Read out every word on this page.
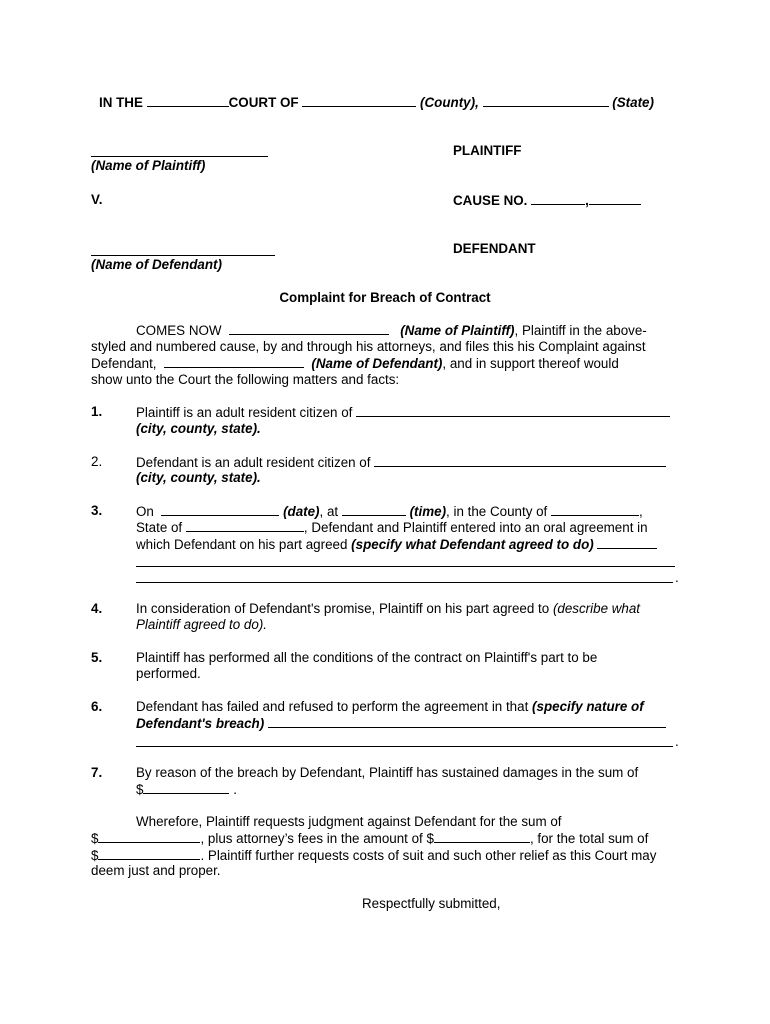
IN THE	COURT OF	(County),	(State)
(Name of Plaintiff)
PLAINTIFF
V.	CAUSE NO.	,
DEFENDANT
(Name of Defendant)
Complaint for Breach of Contract
COMES NOW	(Name of Plaintiff), Plaintiff in the above-
styled and numbered cause, by and through his attorneys, and files this his Complaint against
Defendant,	(Name of Defendant), and in support thereof would
show unto the Court the following matters and facts:
1.	Plaintiff is an adult resident citizen of
(city, county, state).
2.	Defendant is an adult resident citizen of
(city, county, state).
3.	On	(date), at	(time), in the County of	,
State of	, Defendant and Plaintiff entered into an oral agreement in
which Defendant on his part agreed (specify what Defendant agreed to do)
.
4.	In consideration of Defendant's promise, Plaintiff on his part agreed to (describe what
Plaintiff agreed to do).
5.	Plaintiff has performed all the conditions of the contract on Plaintiff's part to be
performed.
6.	Defendant has failed and refused to perform the agreement in that (specify nature of
Defendant's breach)
.
7.	By reason of the breach by Defendant, Plaintiff has sustained damages in the sum of
$	.
Wherefore, Plaintiff requests judgment against Defendant for the sum of
$	, plus attorney’s fees in the amount of $	, for the total sum of
$	. Plaintiff further requests costs of suit and such other relief as this Court may
deem just and proper.
Respectfully submitted,
